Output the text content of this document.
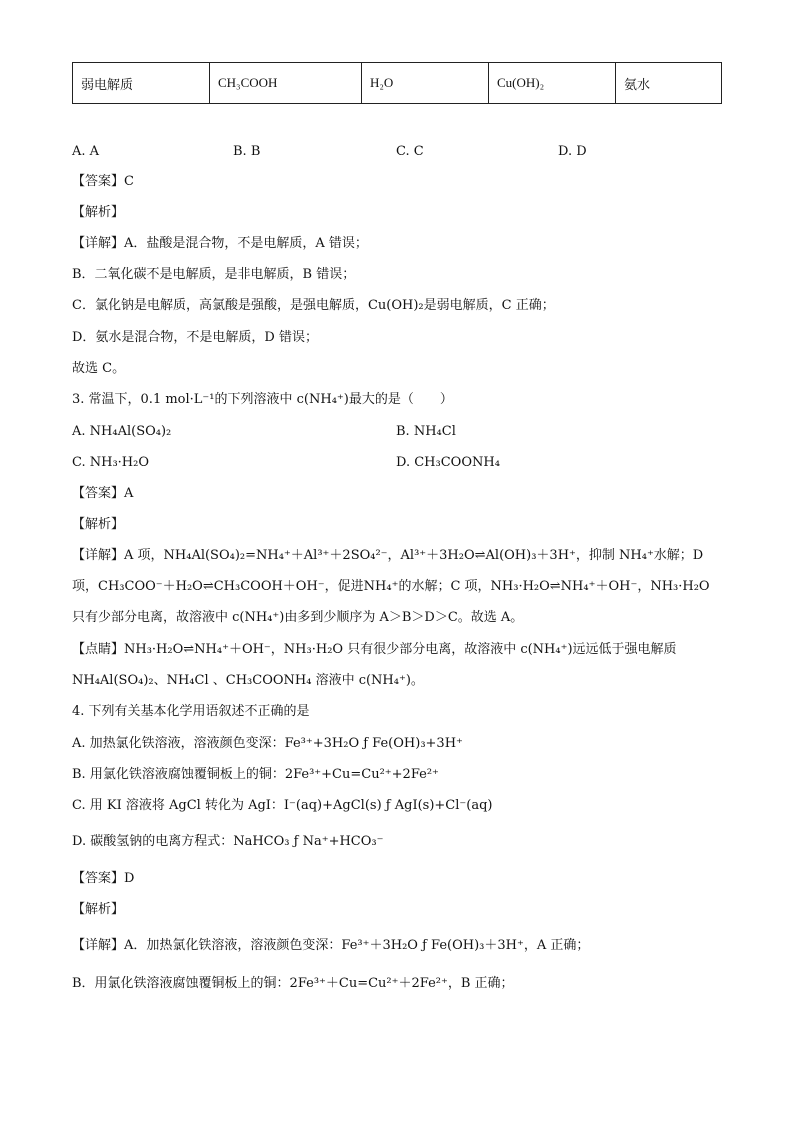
弱电解质	CH₃COOH	H₂O	Cu(OH)₂	氨水
A. A	B. B	C. C	D. D
【答案】C
【解析】
【详解】A．盐酸是混合物，不是电解质，A 错误；
B．二氧化碳不是电解质，是非电解质，B 错误；
C．氯化钠是电解质，高氯酸是强酸，是强电解质，Cu(OH)₂是弱电解质，C 正确；
D．氨水是混合物，不是电解质，D 错误；
故选 C。
3. 常温下，0.1 mol·L⁻¹的下列溶液中 c(NH₄⁺)最大的是（　　）
A. NH₄Al(SO₄)₂	B. NH₄Cl
C. NH₃·H₂O	D. CH₃COONH₄
【答案】A
【解析】
【详解】A 项，NH₄Al(SO₄)₂=NH₄⁺＋Al³⁺＋2SO₄²⁻，Al³⁺＋3H₂O⇌Al(OH)₃＋3H⁺，抑制 NH₄⁺水解；D
项，CH₃COO⁻＋H₂O⇌CH₃COOH＋OH⁻，促进NH₄⁺的水解；C 项，NH₃·H₂O⇌NH₄⁺＋OH⁻，NH₃·H₂O
只有少部分电离，故溶液中 c(NH₄⁺)由多到少顺序为 A＞B＞D＞C。故选 A。
【点睛】NH₃·H₂O⇌NH₄⁺＋OH⁻，NH₃·H₂O 只有很少部分电离，故溶液中 c(NH₄⁺)远远低于强电解质
NH₄Al(SO₄)₂、NH₄Cl 、CH₃COONH₄ 溶液中 c(NH₄⁺)。
4. 下列有关基本化学用语叙述不正确的是
A. 加热氯化铁溶液，溶液颜色变深：Fe³⁺+3H₂O ƒ Fe(OH)₃+3H⁺
B. 用氯化铁溶液腐蚀覆铜板上的铜：2Fe³⁺+Cu=Cu²⁺+2Fe²⁺
C. 用 KI 溶液将 AgCl 转化为 AgI：I⁻(aq)+AgCl(s) ƒ AgI(s)+Cl⁻(aq)
D. 碳酸氢钠的电离方程式：NaHCO₃ ƒ Na⁺+HCO₃⁻
【答案】D
【解析】
【详解】A．加热氯化铁溶液，溶液颜色变深：Fe³⁺＋3H₂O ƒ Fe(OH)₃＋3H⁺，A 正确；
B．用氯化铁溶液腐蚀覆铜板上的铜：2Fe³⁺＋Cu=Cu²⁺＋2Fe²⁺，B 正确；
